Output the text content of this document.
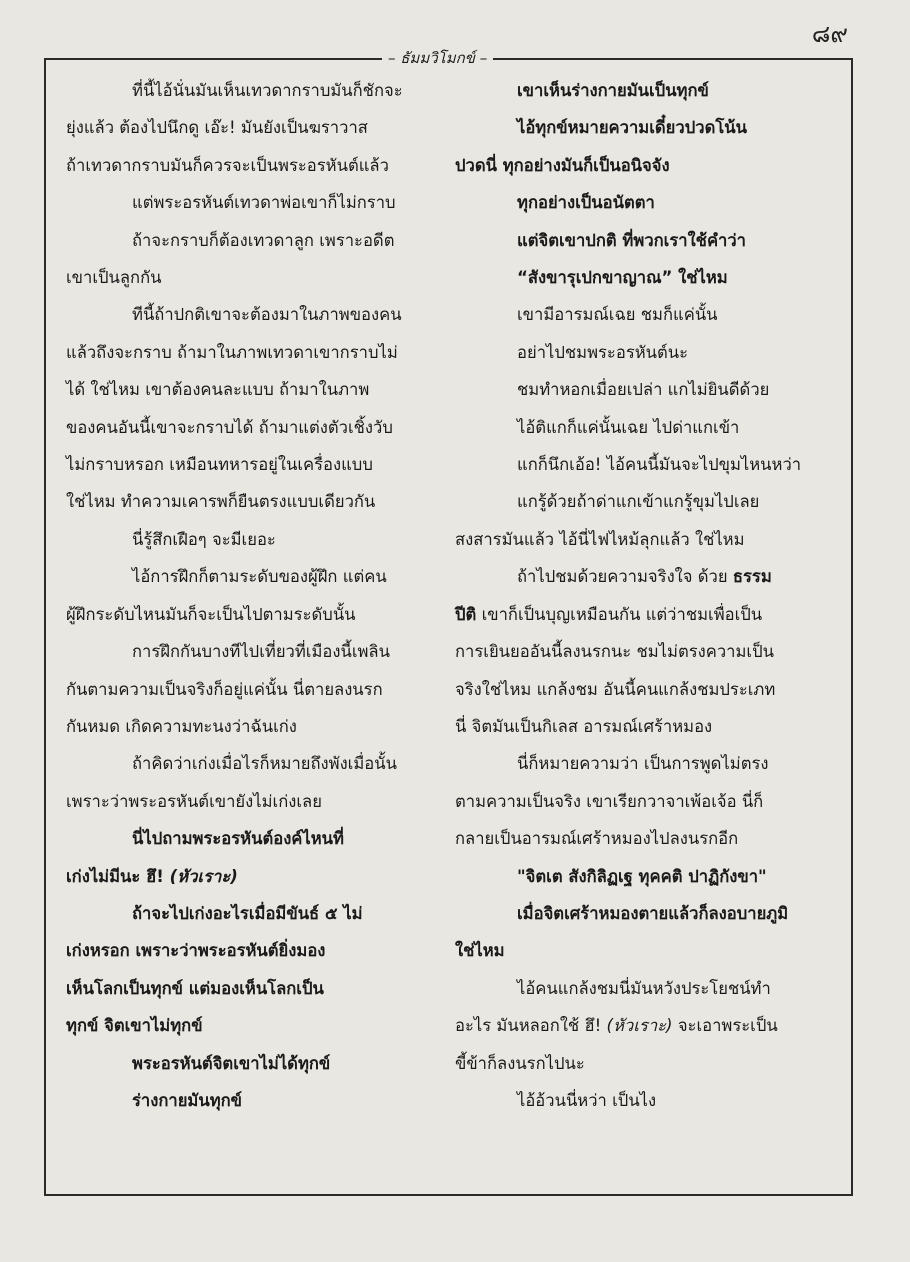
๘๙
– ธัมมวิโมกข์ –

ที่นี้ไอ้นั่นมันเห็นเทวดากราบมันก็ชักจะ

ยุ่งแล้ว ต้องไปนึกดู เอ๊ะ! มันยังเป็นฆราวาส

ถ้าเทวดากราบมันก็ควรจะเป็นพระอรหันต์แล้ว

แต่พระอรหันต์เทวดาพ่อเขาก็ไม่กราบ

ถ้าจะกราบก็ต้องเทวดาลูก เพราะอดีต

เขาเป็นลูกกัน

ทีนี้ถ้าปกติเขาจะต้องมาในภาพของคน

แล้วถึงจะกราบ ถ้ามาในภาพเทวดาเขากราบไม่

ได้ ใช่ไหม เขาต้องคนละแบบ ถ้ามาในภาพ

ของคนอันนี้เขาจะกราบได้ ถ้ามาแต่งตัวเชิ้งวับ

ไม่กราบหรอก เหมือนทหารอยู่ในเครื่องแบบ

ใช่ไหม ทำความเคารพก็ยืนตรงแบบเดียวกัน

นี่รู้สึกเฝือๆ จะมีเยอะ

ไอ้การฝึกก็ตามระดับของผู้ฝึก แต่คน

ผู้ฝึกระดับไหนมันก็จะเป็นไปตามระดับนั้น

การฝึกกันบางทีไปเที่ยวที่เมืองนี้เพลิน

กันตามความเป็นจริงก็อยู่แค่นั้น นี่ตายลงนรก

กันหมด เกิดความทะนงว่าฉันเก่ง

ถ้าคิดว่าเก่งเมื่อไรก็หมายถึงพังเมื่อนั้น

เพราะว่าพระอรหันต์เขายังไม่เก่งเลย

นี่ไปถามพระอรหันต์องค์ไหนที่

เก่งไม่มีนะ ฮึ! (หัวเราะ)

ถ้าจะไปเก่งอะไรเมื่อมีขันธ์ ๕ ไม่

เก่งหรอก เพราะว่าพระอรหันต์ยิ่งมอง

เห็นโลกเป็นทุกข์ แต่มองเห็นโลกเป็น

ทุกข์ จิตเขาไม่ทุกข์

พระอรหันต์จิตเขาไม่ได้ทุกข์

ร่างกายมันทุกข์

เขาเห็นร่างกายมันเป็นทุกข์

ไอ้ทุกข์หมายความเดี๋ยวปวดโน้น

ปวดนี่ ทุกอย่างมันก็เป็นอนิจจัง

ทุกอย่างเป็นอนัตตา

แต่จิตเขาปกติ ที่พวกเราใช้คำว่า

“สังขารุเปกขาญาณ” ใช่ไหม

เขามีอารมณ์เฉย ชมก็แค่นั้น

อย่าไปชมพระอรหันต์นะ

ชมทำหอกเมื่อยเปล่า แกไม่ยินดีด้วย

ไอ้ติแกก็แค่นั้นเฉย ไปด่าแกเข้า

แกก็นึกเอ้อ! ไอ้คนนี้มันจะไปขุมไหนหว่า

แกรู้ด้วยถ้าด่าแกเข้าแกรู้ขุมไปเลย

สงสารมันแล้ว ไอ้นี่ไฟไหม้ลุกแล้ว ใช่ไหม

ถ้าไปชมด้วยความจริงใจ ด้วย ธรรม

ปีติ เขาก็เป็นบุญเหมือนกัน แต่ว่าชมเพื่อเป็น

การเยินยออันนี้ลงนรกนะ ชมไม่ตรงความเป็น

จริงใช่ไหม แกล้งชม อันนี้คนแกล้งชมประเภท

นี่ จิตมันเป็นกิเลส อารมณ์เศร้าหมอง

นี่ก็หมายความว่า เป็นการพูดไม่ตรง

ตามความเป็นจริง เขาเรียกวาจาเพ้อเจ้อ นี่ก็

กลายเป็นอารมณ์เศร้าหมองไปลงนรกอีก

"จิตเต สังกิลิฏเฐ ทุคคติ ปาฏิกังขา"

เมื่อจิตเศร้าหมองตายแล้วก็ลงอบายภูมิ

ใช่ไหม

ไอ้คนแกล้งชมนี่มันหวังประโยชน์ทำ

อะไร มันหลอกใช้ ฮึ! (หัวเราะ) จะเอาพระเป็น

ขี้ข้าก็ลงนรกไปนะ

ไอ้อ้วนนี่หว่า เป็นไง
